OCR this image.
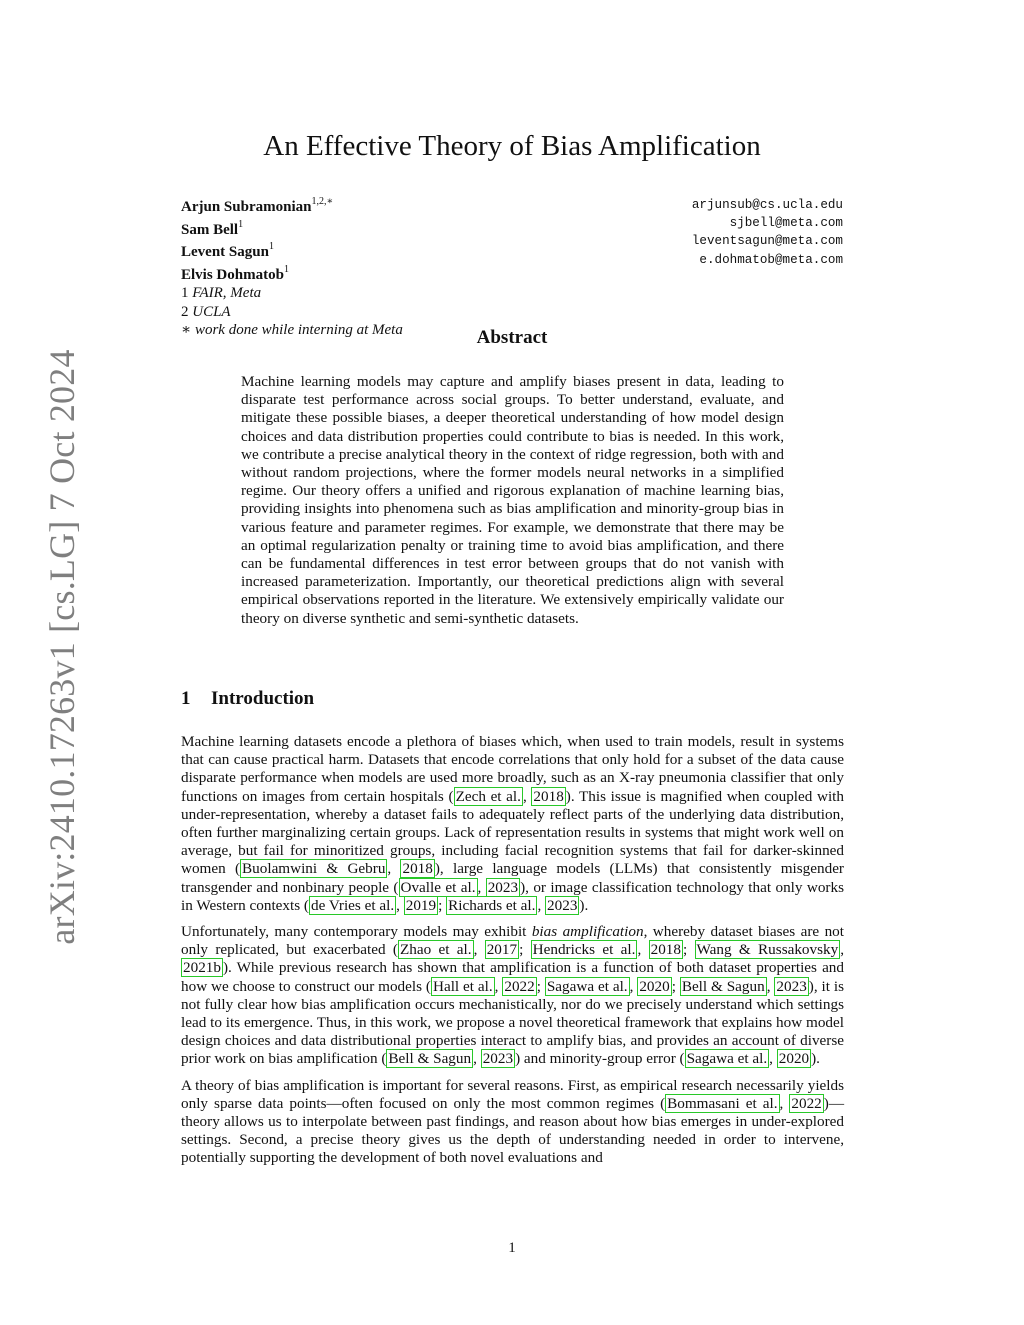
arXiv:2410.17263v1 [cs.LG] 7 Oct 2024
An Effective Theory of Bias Amplification
Arjun Subramonian$^{1,2,∗}$
Sam Bell$^1$
Levent Sagun$^1$
Elvis Dohmatob$^1$
1 FAIR, Meta
2 UCLA
∗ work done while interning at Meta
arjunsub@cs.ucla.edu
sjbell@meta.com
leventsagun@meta.com
e.dohmatob@meta.com
Abstract
Machine learning models may capture and amplify biases present in data, leading to disparate test performance across social groups. To better understand, evaluate, and mitigate these possible biases, a deeper theoretical understanding of how model design choices and data distribution properties could contribute to bias is needed. In this work, we contribute a precise analytical theory in the context of ridge regression, both with and without random projections, where the former models neural networks in a simplified regime. Our theory offers a unified and rigorous explanation of machine learning bias, providing insights into phenomena such as bias amplification and minority-group bias in various feature and parameter regimes. For example, we demonstrate that there may be an optimal regularization penalty or training time to avoid bias amplification, and there can be fundamental differences in test error between groups that do not vanish with increased parameterization. Importantly, our theoretical predictions align with several empirical observations reported in the literature. We extensively empirically validate our theory on diverse synthetic and semi-synthetic datasets.
1 Introduction

Machine learning datasets encode a plethora of biases which, when used to train models, result in systems that can cause practical harm. Datasets that encode correlations that only hold for a subset of the data cause disparate performance when models are used more broadly, such as an X-ray pneumonia classifier that only functions on images from certain hospitals ( Zech et al. , 2018 ). This issue is magnified when coupled with under-representation, whereby a dataset fails to adequately reflect parts of the underlying data distribution, often further marginalizing certain groups. Lack of representation results in systems that might work well on average, but fail for minoritized groups, including facial recognition systems that fail for darker-skinned women ( Buolamwini & Gebru , 2018 ), large language models (LLMs) that consistently misgender transgender and nonbinary people ( Ovalle et al. , 2023 ), or image classification technology that only works in Western contexts ( de Vries et al. , 2019 ; Richards et al. , 2023 ).

Unfortunately, many contemporary models may exhibit bias amplification, whereby dataset biases are not only replicated, but exacerbated ( Zhao et al. , 2017 ; Hendricks et al. , 2018 ; Wang & Russakovsky , 2021b ). While previous research has shown that amplification is a function of both dataset properties and how we choose to construct our models ( Hall et al. , 2022 ; Sagawa et al. , 2020 ; Bell & Sagun , 2023 ), it is not fully clear how bias amplification occurs mechanistically, nor do we precisely understand which settings lead to its emergence. Thus, in this work, we propose a novel theoretical framework that explains how model design choices and data distributional properties interact to amplify bias, and provides an account of diverse prior work on bias amplification ( Bell & Sagun , 2023 ) and minority-group error ( Sagawa et al. , 2020 ).

A theory of bias amplification is important for several reasons. First, as empirical research necessarily yields only sparse data points—often focused on only the most common regimes ( Bommasani et al. , 2022 )—theory allows us to interpolate between past findings, and reason about how bias emerges in under-explored settings. Second, a precise theory gives us the depth of understanding needed in order to intervene, potentially supporting the development of both novel evaluations and

1
